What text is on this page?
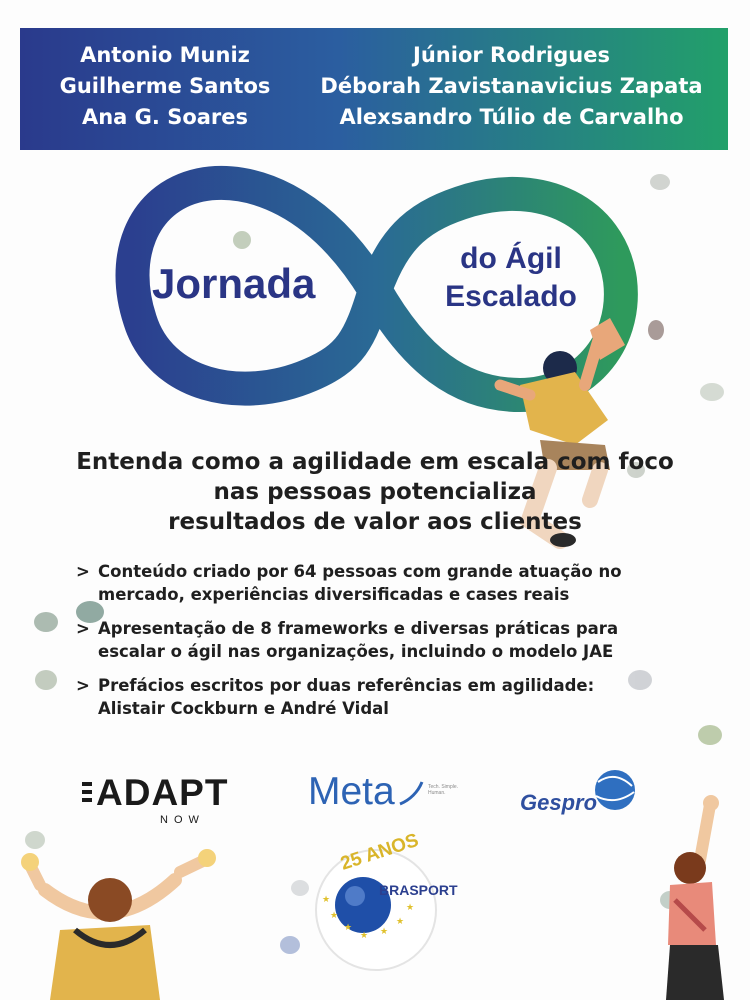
Antonio Muniz
Guilherme Santos
Ana G. Soares
Júnior Rodrigues
Déborah Zavistanavicius Zapata
Alexsandro Túlio de Carvalho
Jornada
do Ágil
Escalado
Entenda como a agilidade em escala com foco
nas pessoas potencializa
resultados de valor aos clientes
> Conteúdo criado por 64 pessoas com grande atuação no
mercado, experiências diversificadas e cases reais
> Apresentação de 8 frameworks e diversas práticas para
escalar o ágil nas organizações, incluindo o modelo JAE
> Prefácios escritos por duas referências em agilidade:
Alistair Cockburn e André Vidal
ADAPT
NOW
Meta	Tech. Simple. Human.	Gespro
25 ANOS
BRASPORT
★
★
★
★ ★
★
★
